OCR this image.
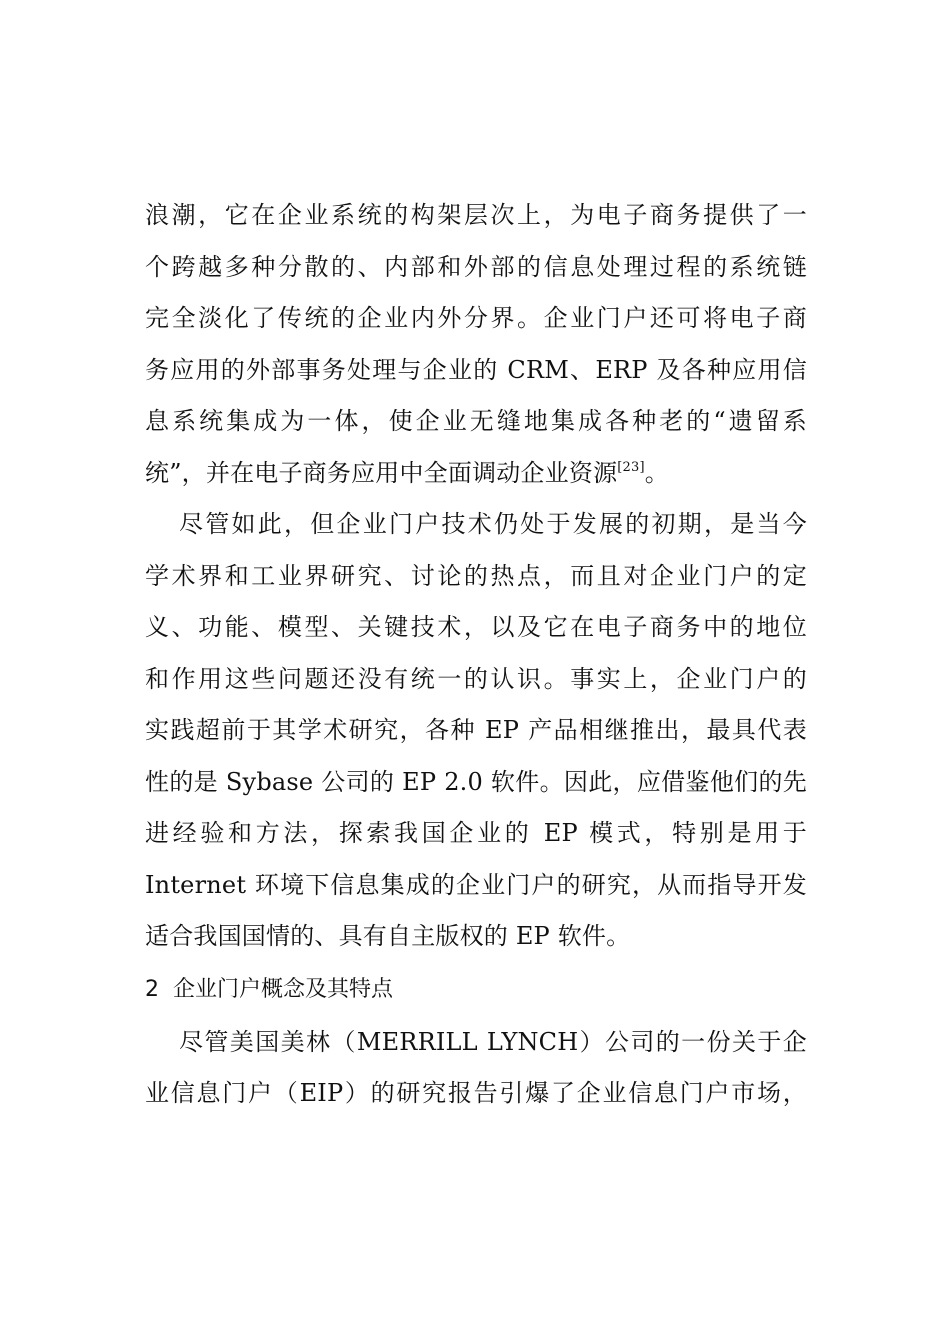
浪潮，它在企业系统的构架层次上，为电子商务提供了一
个跨越多种分散的、内部和外部的信息处理过程的系统链
完全淡化了传统的企业内外分界。企业门户还可将电子商
务应用的外部事务处理与企业的 CRM、ERP 及各种应用信
息系统集成为一体，使企业无缝地集成各种老的“遗留系
统”，并在电子商务应用中全面调动企业资源[23]。
尽管如此，但企业门户技术仍处于发展的初期，是当今
学术界和工业界研究、讨论的热点，而且对企业门户的定
义、功能、模型、关键技术，以及它在电子商务中的地位
和作用这些问题还没有统一的认识。事实上，企业门户的
实践超前于其学术研究，各种 EP 产品相继推出，最具代表
性的是 Sybase 公司的 EP 2.0 软件。因此，应借鉴他们的先
进经验和方法，探索我国企业的 EP 模式，特别是用于
Internet 环境下信息集成的企业门户的研究，从而指导开发
适合我国国情的、具有自主版权的 EP 软件。
2 企业门户概念及其特点
尽管美国美林（MERRILL LYNCH）公司的一份关于企
业信息门户（EIP）的研究报告引爆了企业信息门户市场，
